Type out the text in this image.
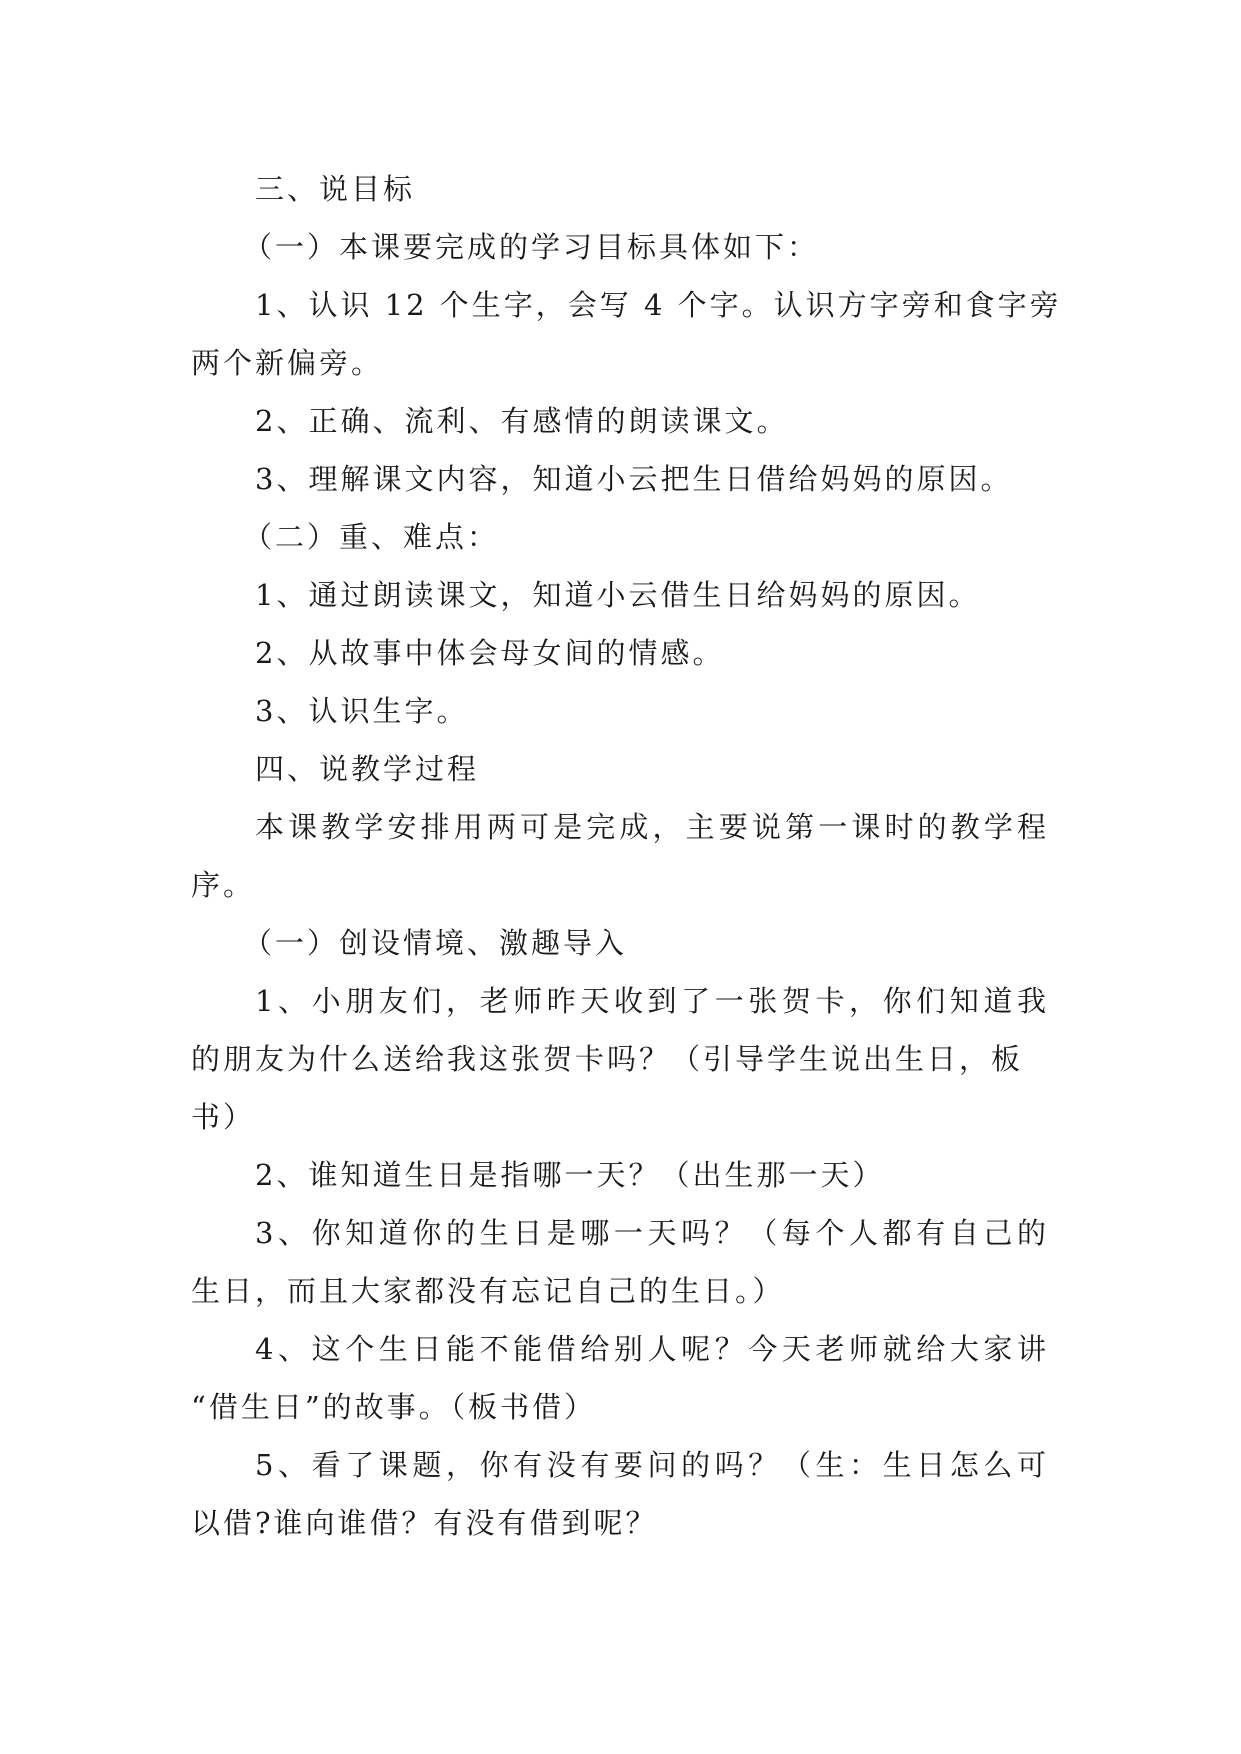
三、说目标

（一）本课要完成的学习目标具体如下：

1、认识 12 个生字，会写 4 个字。认识方字旁和食字旁

两个新偏旁。

2、正确、流利、有感情的朗读课文。

3、理解课文内容，知道小云把生日借给妈妈的原因。

（二）重、难点：

1、通过朗读课文，知道小云借生日给妈妈的原因。

2、从故事中体会母女间的情感。

3、认识生字。

四、说教学过程

本课教学安排用两可是完成，主要说第一课时的教学程

序。

（一）创设情境、激趣导入

1、小朋友们，老师昨天收到了一张贺卡，你们知道我

的朋友为什么送给我这张贺卡吗？（引导学生说出生日，板

书）

2、谁知道生日是指哪一天？（出生那一天）

3、你知道你的生日是哪一天吗？（每个人都有自己的

生日，而且大家都没有忘记自己的生日。）

4、这个生日能不能借给别人呢？今天老师就给大家讲

“借生日”的故事。（板书借）

5、看了课题，你有没有要问的吗？（生：生日怎么可

以借?谁向谁借？有没有借到呢？
